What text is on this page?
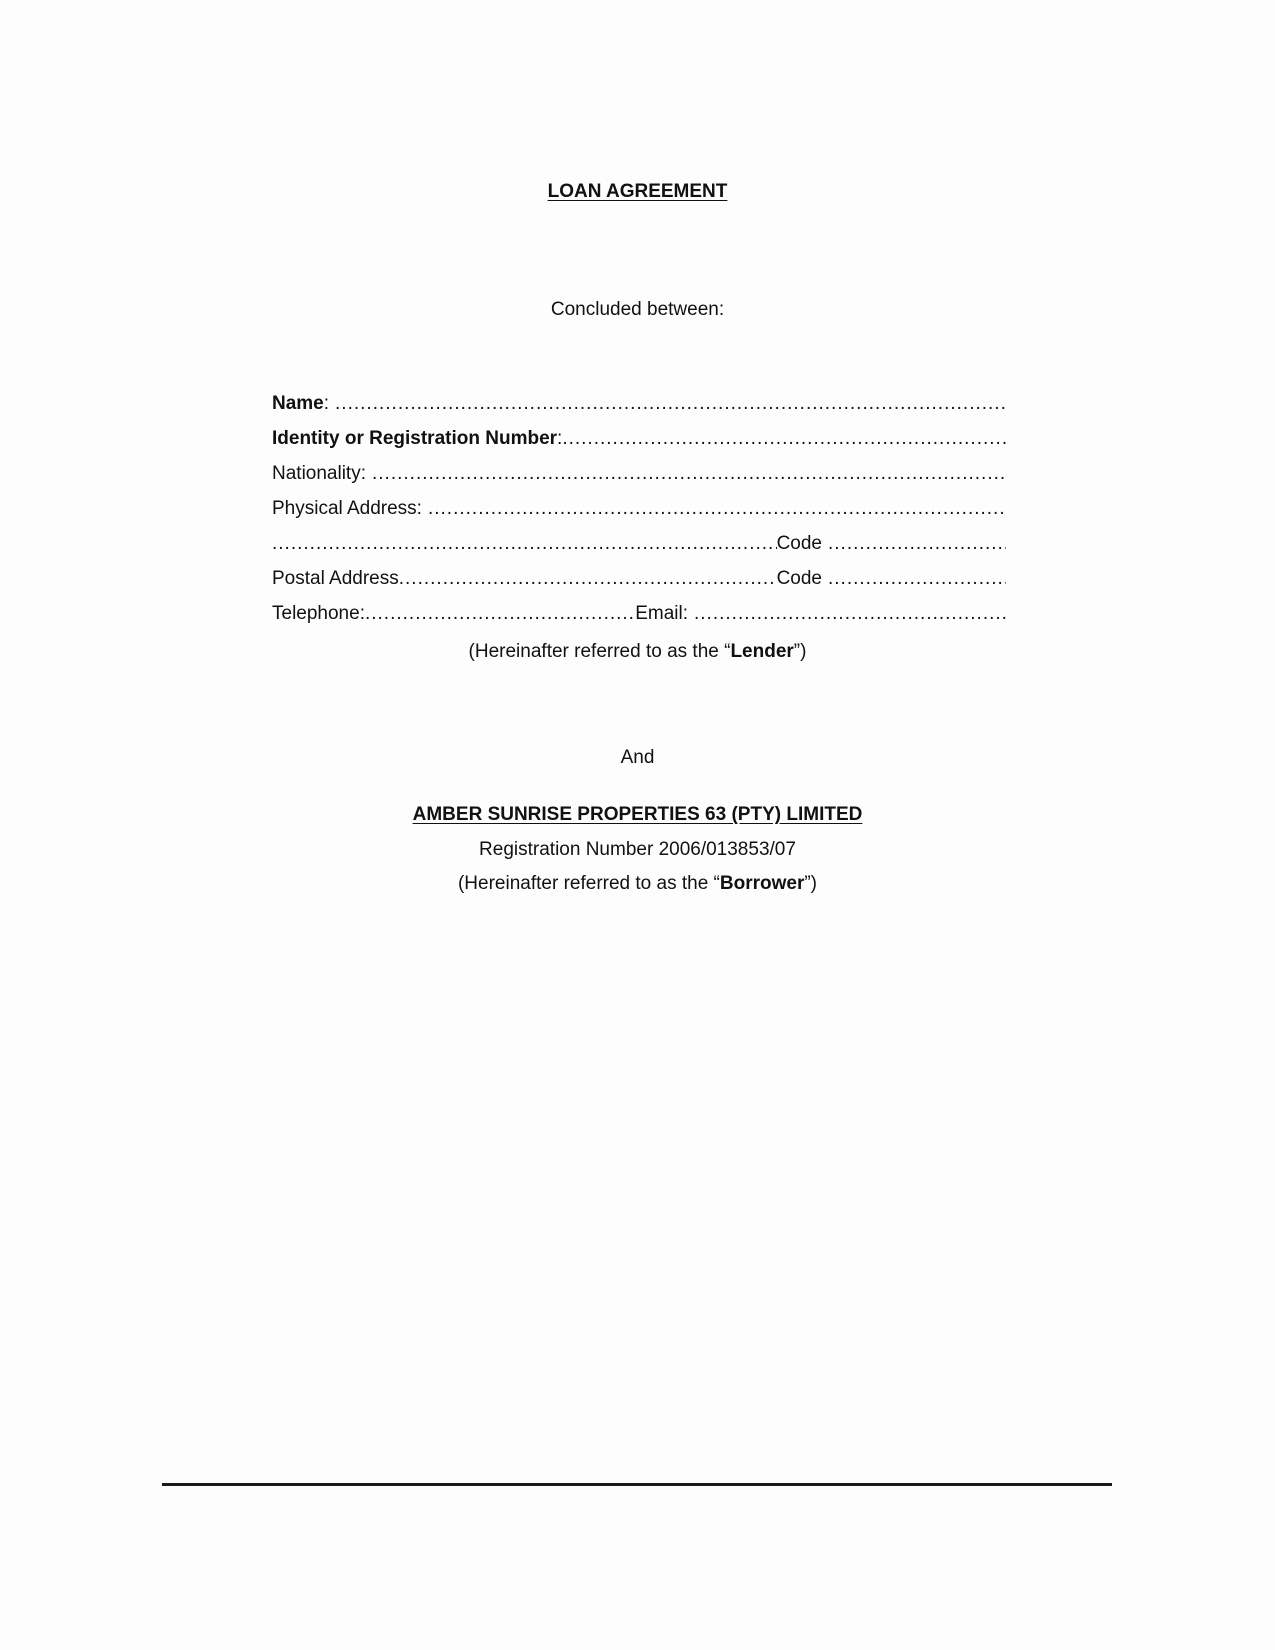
LOAN AGREEMENT
Concluded between:
Name :
.....
Identity or Registration Number :
.....
Nationality:
.....
Physical Address:
.....
.....
Code
.....
Postal Address .....	Code
.....
Telephone: .....	Email:
.....
(Hereinafter referred to as the “Lender”)
And
AMBER SUNRISE PROPERTIES 63 (PTY) LIMITED
Registration Number 2006/013853/07
(Hereinafter referred to as the “Borrower”)
